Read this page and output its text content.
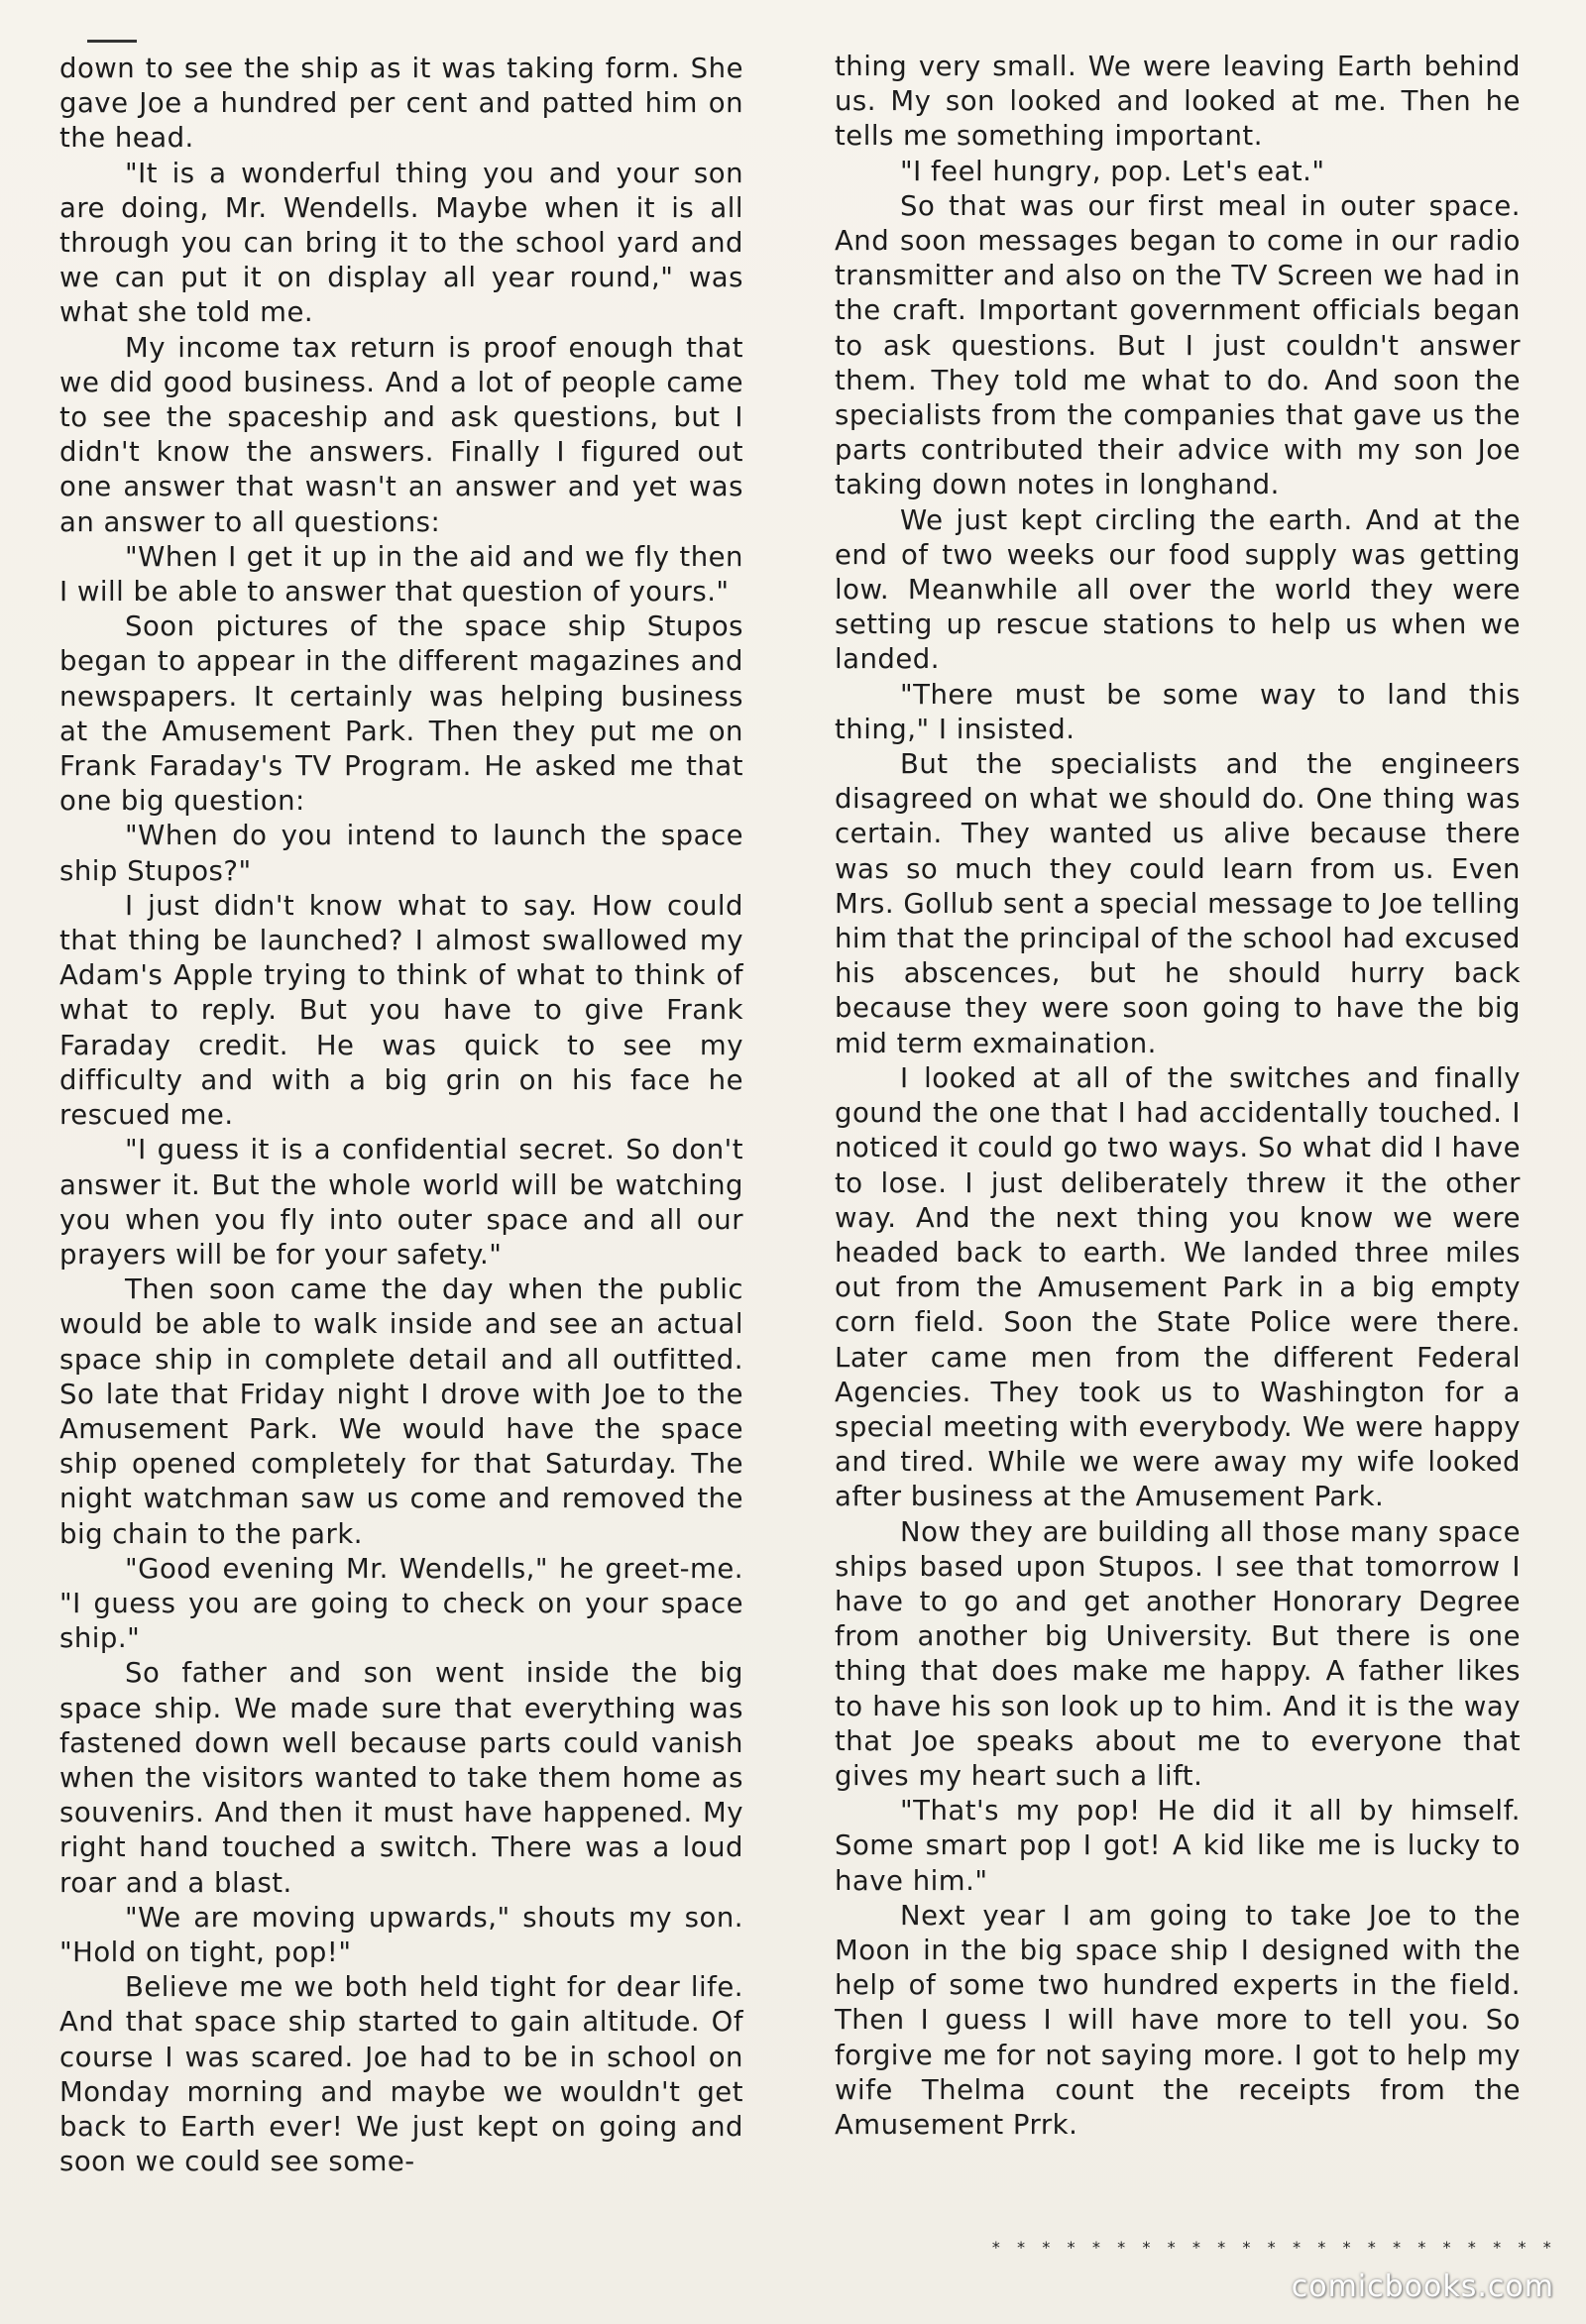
down to see the ship as it was taking form. She gave Joe a hundred per cent and patted him on the head.

"It is a wonderful thing you and your son are doing, Mr. Wendells. Maybe when it is all through you can bring it to the school yard and we can put it on display all year round," was what she told me.

My income tax return is proof enough that we did good business. And a lot of people came to see the spaceship and ask questions, but I didn't know the answers. Finally I figured out one answer that wasn't an answer and yet was an answer to all questions:

"When I get it up in the aid and we fly then I will be able to answer that question of yours."

Soon pictures of the space ship Stupos began to appear in the different magazines and newspapers. It certainly was helping business at the Amusement Park. Then they put me on Frank Faraday's TV Program. He asked me that one big question:

"When do you intend to launch the space ship Stupos?"

I just didn't know what to say. How could that thing be launched? I almost swallowed my Adam's Apple trying to think of what to think of what to reply. But you have to give Frank Faraday credit. He was quick to see my difficulty and with a big grin on his face he rescued me.

"I guess it is a confidential secret. So don't answer it. But the whole world will be watching you when you fly into outer space and all our prayers will be for your safety."

Then soon came the day when the public would be able to walk inside and see an actual space ship in complete detail and all outfitted. So late that Friday night I drove with Joe to the Amusement Park. We would have the space ship opened completely for that Saturday. The night watchman saw us come and removed the big chain to the park.

"Good evening Mr. Wendells," he greet-me. "I guess you are going to check on your space ship."

So father and son went inside the big space ship. We made sure that everything was fastened down well because parts could vanish when the visitors wanted to take them home as souvenirs. And then it must have happened. My right hand touched a switch. There was a loud roar and a blast.

"We are moving upwards," shouts my son. "Hold on tight, pop!"

Believe me we both held tight for dear life. And that space ship started to gain altitude. Of course I was scared. Joe had to be in school on Monday morning and maybe we wouldn't get back to Earth ever! We just kept on going and soon we could see some-

thing very small. We were leaving Earth behind us. My son looked and looked at me. Then he tells me something important.

"I feel hungry, pop. Let's eat."

So that was our first meal in outer space. And soon messages began to come in our radio transmitter and also on the TV Screen we had in the craft. Important government officials began to ask questions. But I just couldn't answer them. They told me what to do. And soon the specialists from the companies that gave us the parts contributed their advice with my son Joe taking down notes in longhand.

We just kept circling the earth. And at the end of two weeks our food supply was getting low. Meanwhile all over the world they were setting up rescue stations to help us when we landed.

"There must be some way to land this thing," I insisted.

But the specialists and the engineers disagreed on what we should do. One thing was certain. They wanted us alive because there was so much they could learn from us. Even Mrs. Gollub sent a special message to Joe telling him that the principal of the school had excused his abscences, but he should hurry back because they were soon going to have the big mid term exmaination.

I looked at all of the switches and finally gound the one that I had accidentally touched. I noticed it could go two ways. So what did I have to lose. I just deliberately threw it the other way. And the next thing you know we were headed back to earth. We landed three miles out from the Amusement Park in a big empty corn field. Soon the State Police were there. Later came men from the different Federal Agencies. They took us to Washington for a special meeting with everybody. We were happy and tired. While we were away my wife looked after business at the Amusement Park.

Now they are building all those many space ships based upon Stupos. I see that tomorrow I have to go and get another Honorary Degree from another big University. But there is one thing that does make me happy. A father likes to have his son look up to him. And it is the way that Joe speaks about me to everyone that gives my heart such a lift.

"That's my pop! He did it all by himself. Some smart pop I got! A kid like me is lucky to have him."

Next year I am going to take Joe to the Moon in the big space ship I designed with the help of some two hundred experts in the field. Then I guess I will have more to tell you. So forgive me for not saying more. I got to help my wife Thelma count the receipts from the Amusement Prrk.

* * * * * * * * * * * * * * * * * * * * * * *
comicbooks.com
